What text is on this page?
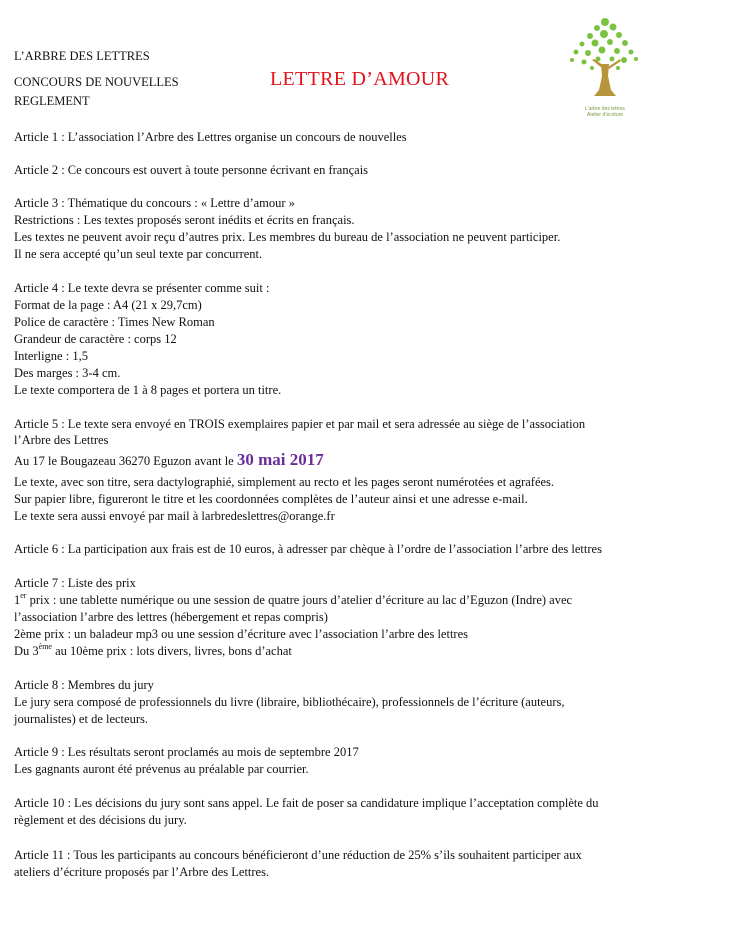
L’ARBRE DES LETTRES
CONCOURS DE NOUVELLES
REGLEMENT
LETTRE D’AMOUR
L’arbre des lettres
Atelier d’écriture
Article 1 : L’association l’Arbre des Lettres organise un concours de nouvelles
Article 2 : Ce concours est ouvert à toute personne écrivant en français
Article 3 : Thématique du concours : « Lettre d’amour »
Restrictions : Les textes proposés seront inédits et écrits en français.
Les textes ne peuvent avoir reçu d’autres prix. Les membres du bureau de l’association ne peuvent participer.
Il ne sera accepté qu’un seul texte par concurrent.
Article 4 : Le texte devra se présenter comme suit :
Format de la page : A4 (21 x 29,7cm)
Police de caractère : Times New Roman
Grandeur de caractère : corps 12
Interligne : 1,5
Des marges : 3-4 cm.
Le texte comportera de 1 à 8 pages et portera un titre.
Article 5 : Le texte sera envoyé en TROIS exemplaires papier et par mail et sera adressée au siège de l’association
l’Arbre des Lettres
Au 17 le Bougazeau 36270 Eguzon avant le 30 mai 2017
Le texte, avec son titre, sera dactylographié, simplement au recto et les pages seront numérotées et agrafées.
Sur papier libre, figureront le titre et les coordonnées complètes de l’auteur ainsi et une adresse e-mail.
Le texte sera aussi envoyé par mail à larbredeslettres@orange.fr
Article 6 : La participation aux frais est de 10 euros, à adresser par chèque à l’ordre de l’association l’arbre des lettres
Article 7 : Liste des prix
1er prix : une tablette numérique ou une session de quatre jours d’atelier d’écriture au lac d’Eguzon (Indre) avec
l’association l’arbre des lettres (hébergement et repas compris)
2ème prix : un baladeur mp3 ou une session d’écriture avec l’association l’arbre des lettres
Du 3ème au 10ème prix : lots divers, livres, bons d’achat
Article 8 : Membres du jury
Le jury sera composé de professionnels du livre (libraire, bibliothécaire), professionnels de l’écriture (auteurs,
journalistes) et de lecteurs.
Article 9 : Les résultats seront proclamés au mois de septembre 2017
Les gagnants auront été prévenus au préalable par courrier.
Article 10 : Les décisions du jury sont sans appel. Le fait de poser sa candidature implique l’acceptation complète du
règlement et des décisions du jury.
Article 11 : Tous les participants au concours bénéficieront d’une réduction de 25% s’ils souhaitent participer aux
ateliers d’écriture proposés par l’Arbre des Lettres.
